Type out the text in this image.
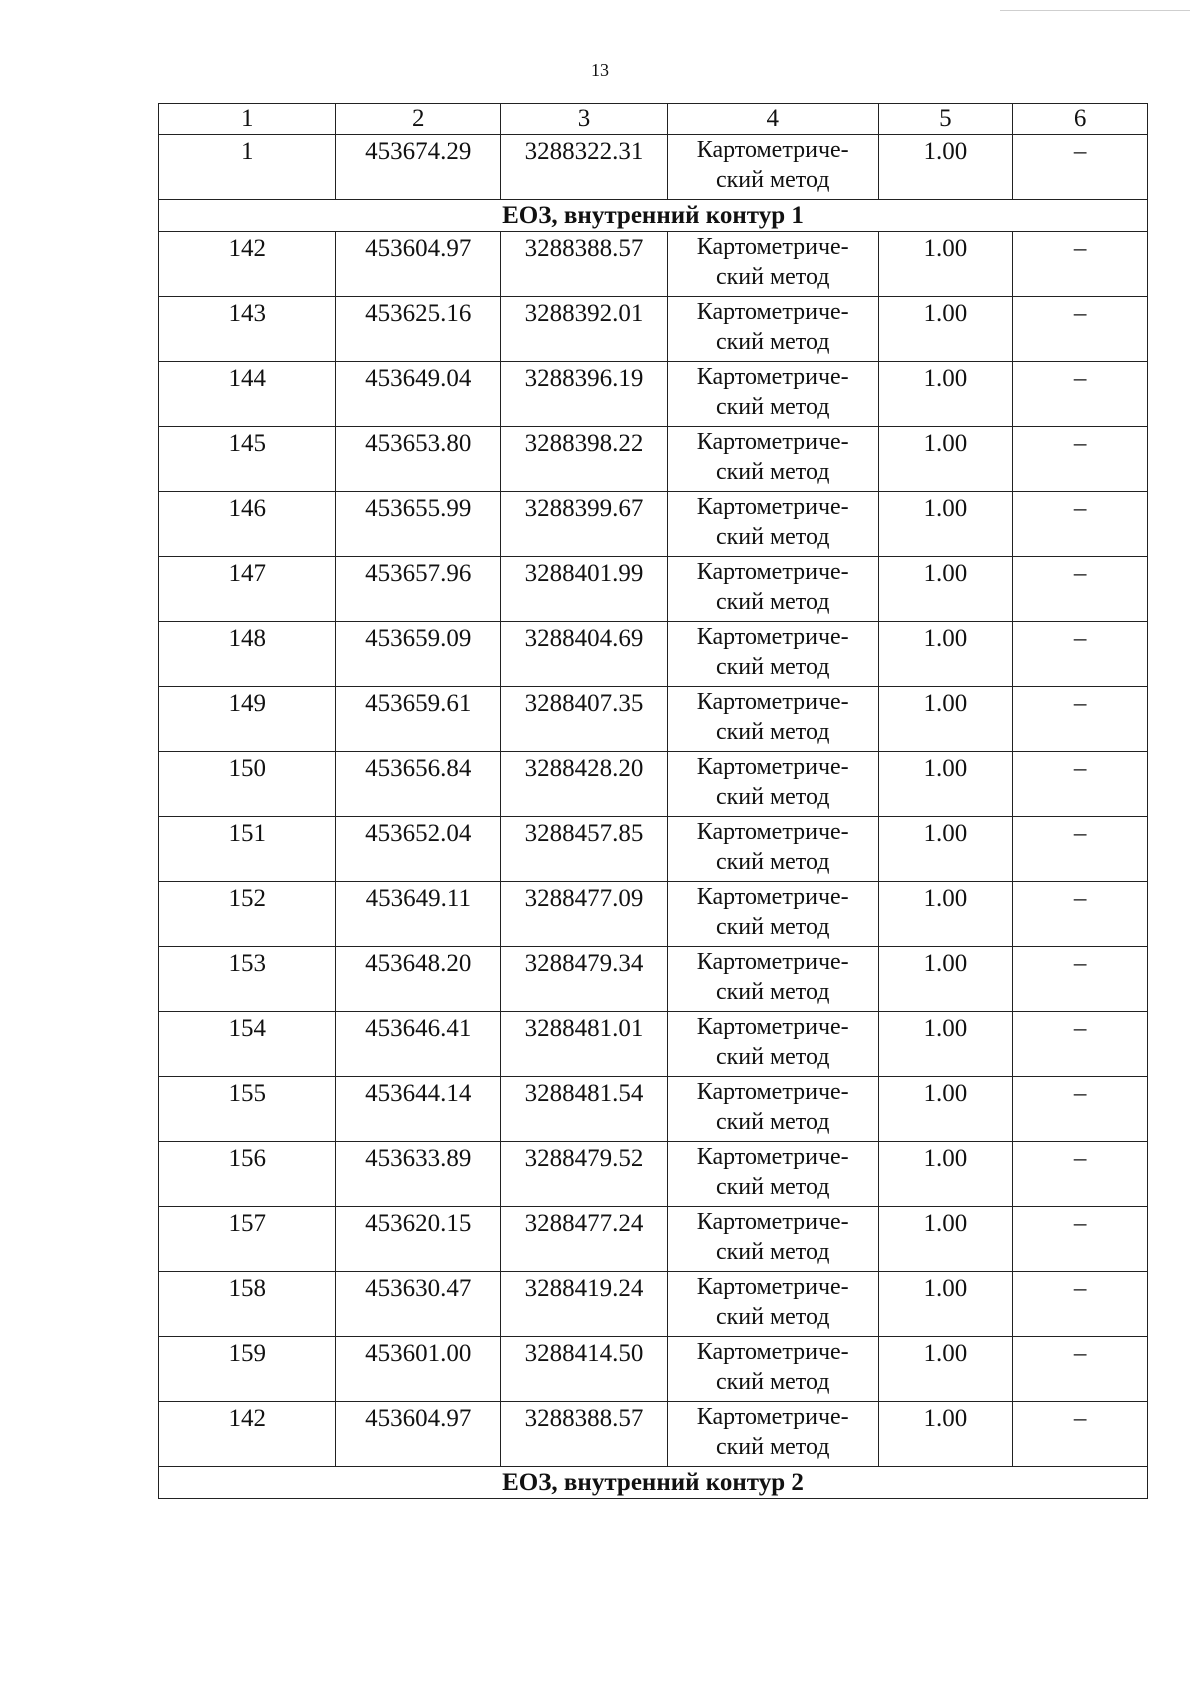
13
1	2	3	4	5	6
1	453674.29	3288322.31	Картометриче-
ский метод	1.00	–
ЕОЗ, внутренний контур 1					
142	453604.97	3288388.57	Картометриче-
ский метод	1.00	–
143	453625.16	3288392.01	Картометриче-
ский метод	1.00	–
144	453649.04	3288396.19	Картометриче-
ский метод	1.00	–
145	453653.80	3288398.22	Картометриче-
ский метод	1.00	–
146	453655.99	3288399.67	Картометриче-
ский метод	1.00	–
147	453657.96	3288401.99	Картометриче-
ский метод	1.00	–
148	453659.09	3288404.69	Картометриче-
ский метод	1.00	–
149	453659.61	3288407.35	Картометриче-
ский метод	1.00	–
150	453656.84	3288428.20	Картометриче-
ский метод	1.00	–
151	453652.04	3288457.85	Картометриче-
ский метод	1.00	–
152	453649.11	3288477.09	Картометриче-
ский метод	1.00	–
153	453648.20	3288479.34	Картометриче-
ский метод	1.00	–
154	453646.41	3288481.01	Картометриче-
ский метод	1.00	–
155	453644.14	3288481.54	Картометриче-
ский метод	1.00	–
156	453633.89	3288479.52	Картометриче-
ский метод	1.00	–
157	453620.15	3288477.24	Картометриче-
ский метод	1.00	–
158	453630.47	3288419.24	Картометриче-
ский метод	1.00	–
159	453601.00	3288414.50	Картометриче-
ский метод	1.00	–
142	453604.97	3288388.57	Картометриче-
ский метод	1.00	–
ЕОЗ, внутренний контур 2					
